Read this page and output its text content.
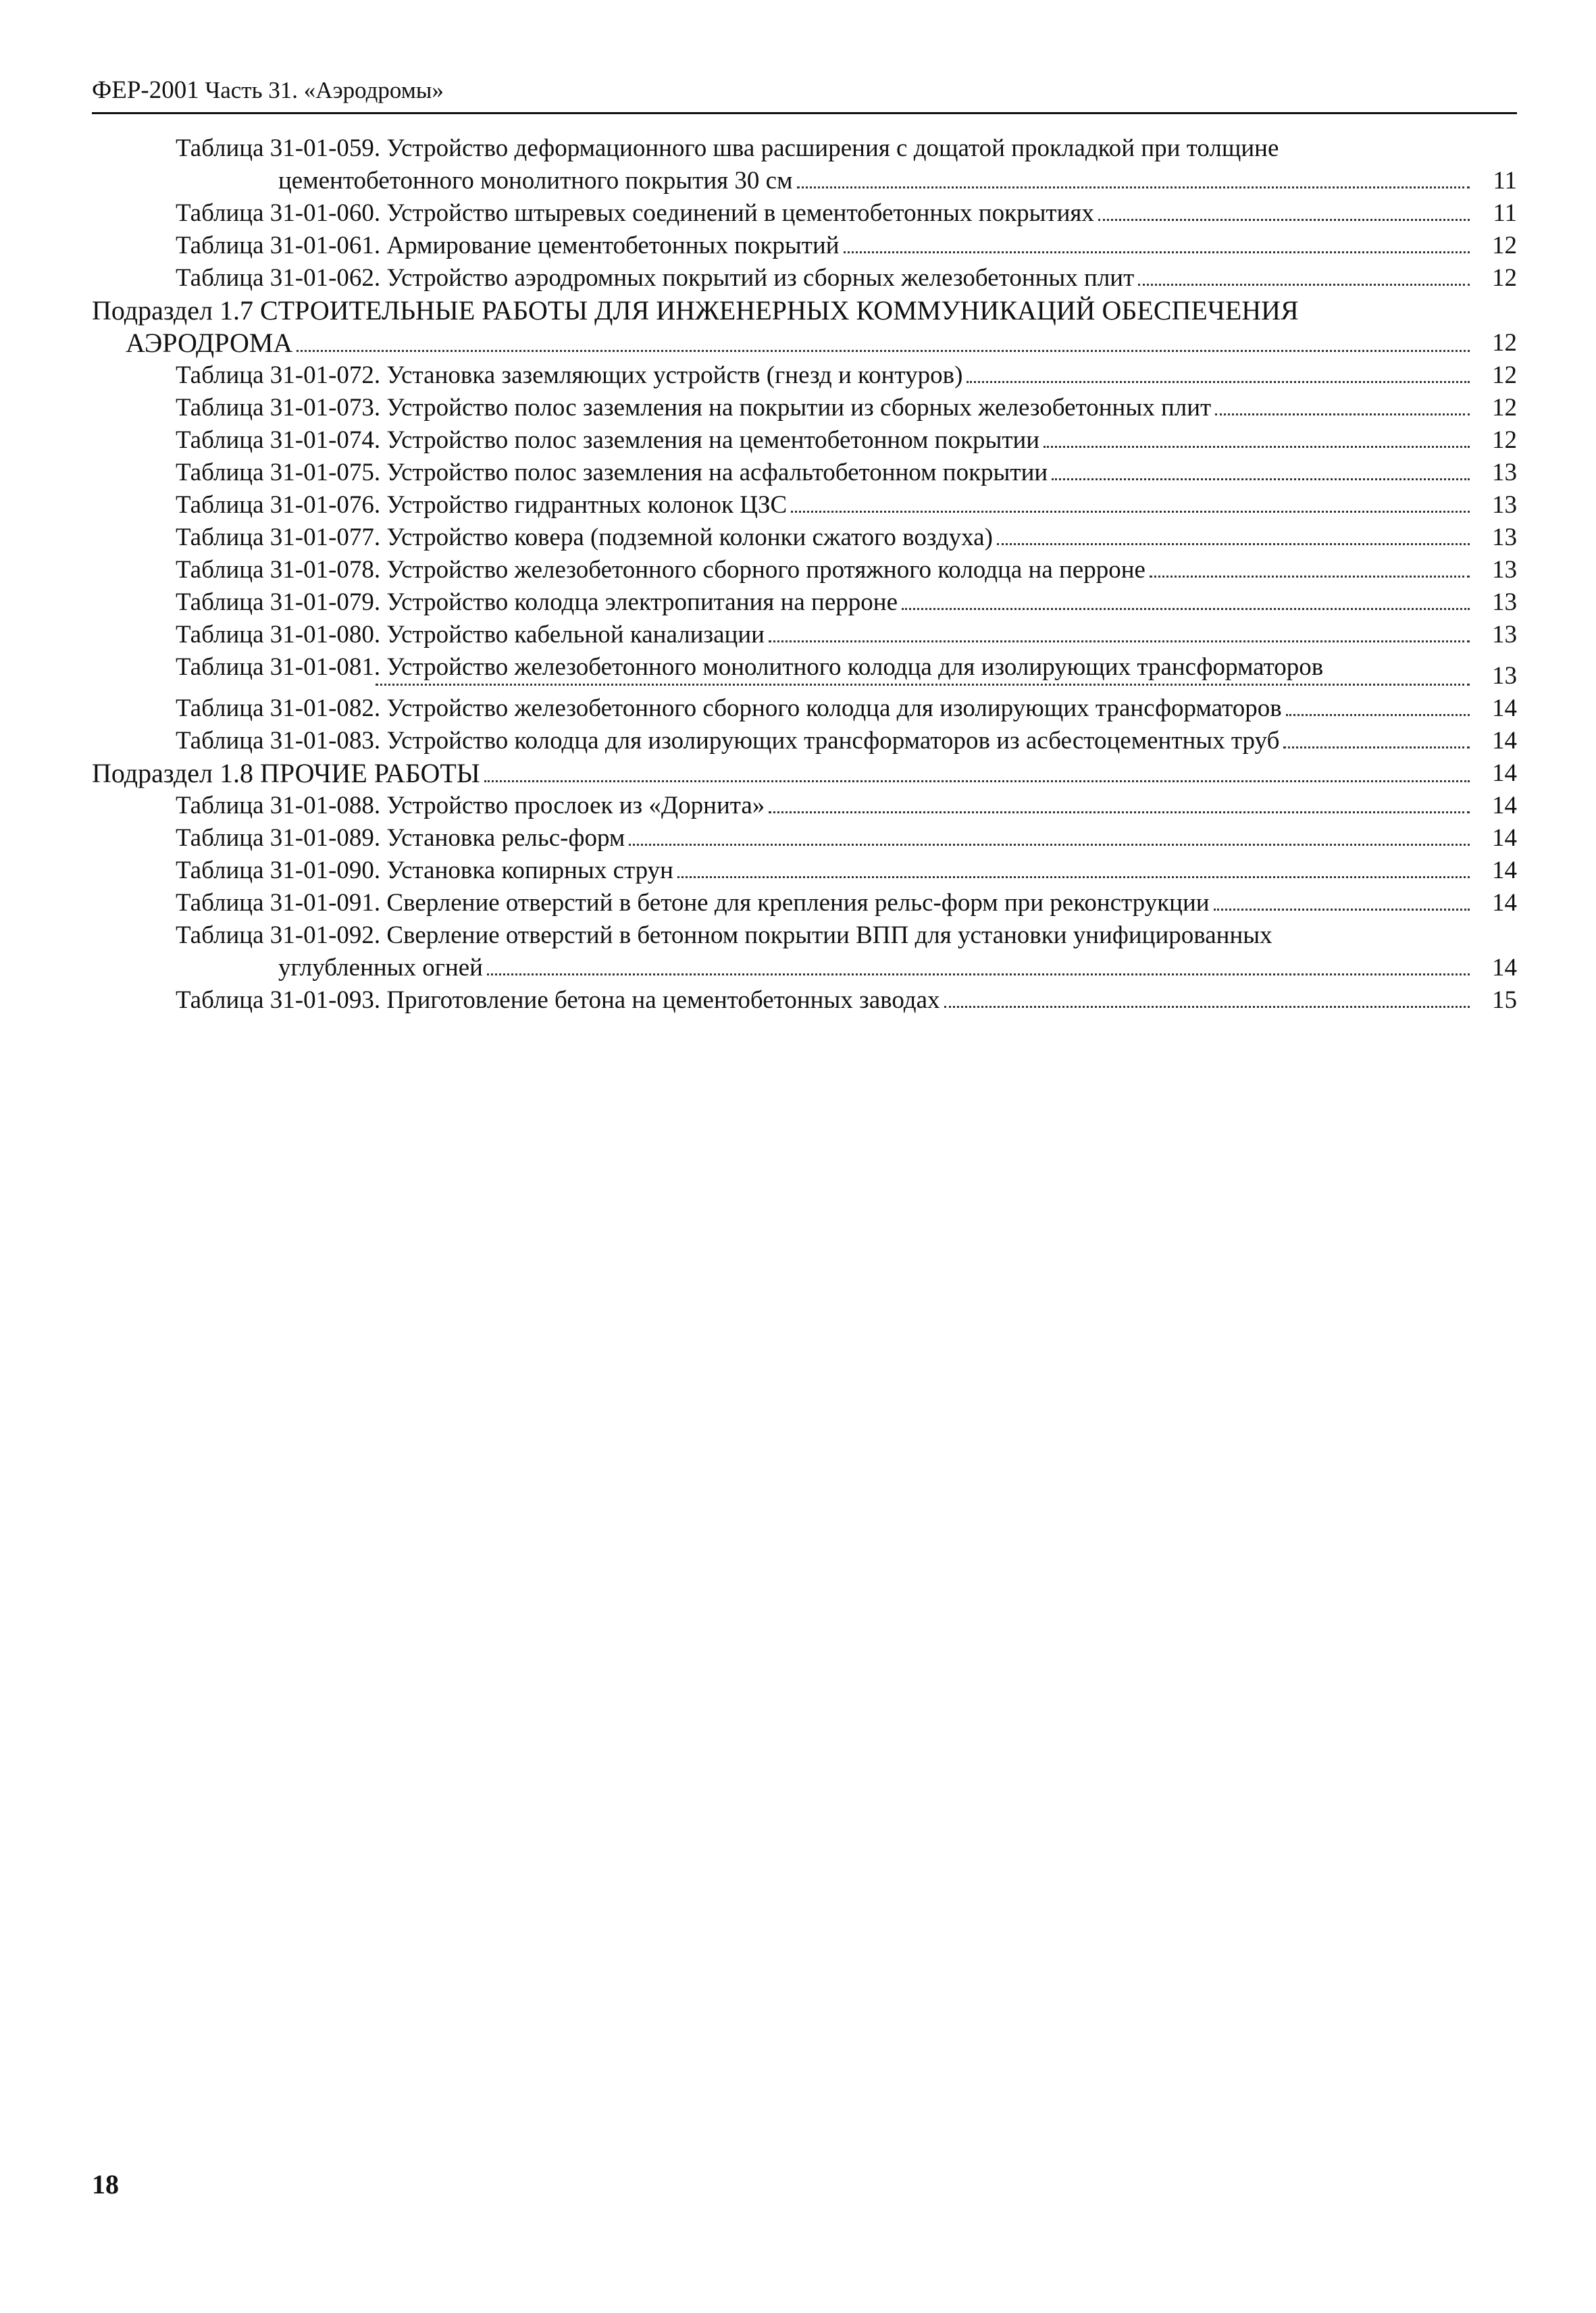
ФЕР-2001 Часть 31. «Аэродромы»
Таблица 31-01-059. Устройство деформационного шва расширения с дощатой прокладкой при толщине
цементобетонного монолитного покрытия 30 см	11
Таблица 31-01-060. Устройство штыревых соединений в цементобетонных покрытиях	11
Таблица 31-01-061. Армирование цементобетонных покрытий	12
Таблица 31-01-062. Устройство аэродромных покрытий из сборных железобетонных плит	12
Подраздел 1.7 СТРОИТЕЛЬНЫЕ РАБОТЫ ДЛЯ ИНЖЕНЕРНЫХ КОММУНИКАЦИЙ ОБЕСПЕЧЕНИЯ
АЭРОДРОМА	12
Таблица 31-01-072. Установка заземляющих устройств (гнезд и контуров)	12
Таблица 31-01-073. Устройство полос заземления на покрытии из сборных железобетонных плит	12
Таблица 31-01-074. Устройство полос заземления на цементобетонном покрытии	12
Таблица 31-01-075. Устройство полос заземления на асфальтобетонном покрытии	13
Таблица 31-01-076. Устройство гидрантных колонок ЦЗС	13
Таблица 31-01-077. Устройство ковера (подземной колонки сжатого воздуха)	13
Таблица 31-01-078. Устройство железобетонного сборного протяжного колодца на перроне	13
Таблица 31-01-079. Устройство колодца электропитания на перроне	13
Таблица 31-01-080. Устройство кабельной канализации	13
Таблица 31-01-081. Устройство железобетонного монолитного колодца для изолирующих трансформаторов	13
Таблица 31-01-082. Устройство железобетонного сборного колодца для изолирующих трансформаторов	14
Таблица 31-01-083. Устройство колодца для изолирующих трансформаторов из асбестоцементных труб	14
Подраздел 1.8 ПРОЧИЕ РАБОТЫ	14
Таблица 31-01-088. Устройство прослоек из «Дорнита»	14
Таблица 31-01-089. Установка рельс-форм	14
Таблица 31-01-090. Установка копирных струн	14
Таблица 31-01-091. Сверление отверстий в бетоне для крепления рельс-форм при реконструкции	14
Таблица 31-01-092. Сверление отверстий в бетонном покрытии ВПП для установки унифицированных
углубленных огней	14
Таблица 31-01-093. Приготовление бетона на цементобетонных заводах	15
18
